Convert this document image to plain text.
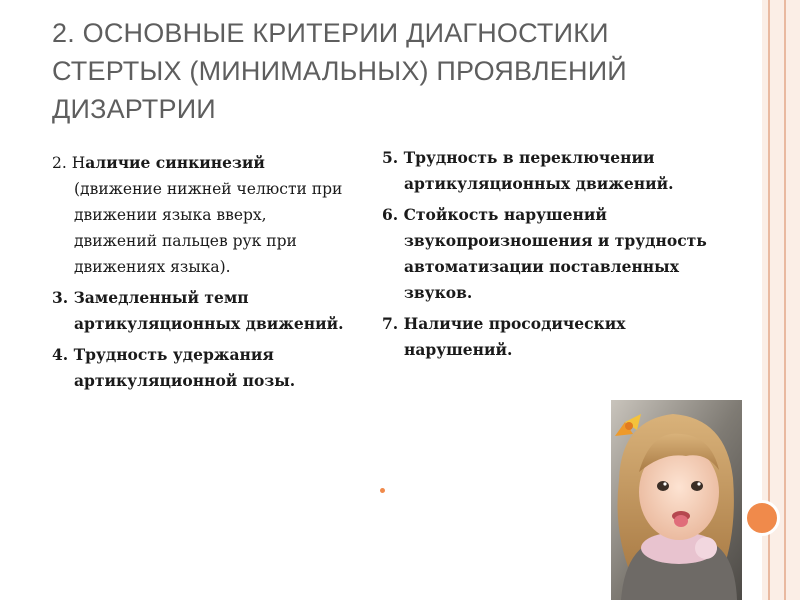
2. ОСНОВНЫЕ КРИТЕРИИ ДИАГНОСТИКИ СТЕРТЫХ (МИНИМАЛЬНЫХ) ПРОЯВЛЕНИЙ ДИЗАРТРИИ

2. Наличие синкинезий (движение нижней челюсти при движении языка вверх, движений пальцев рук при движениях языка).

3. Замедленный темп артикуляционных движений.

4. Трудность удержания артикуляционной позы.

5. Трудность в переключении артикуляционных движений.

6. Стойкость нарушений звукопроизношения и трудность автоматизации поставленных звуков.

7. Наличие просодических нарушений.
